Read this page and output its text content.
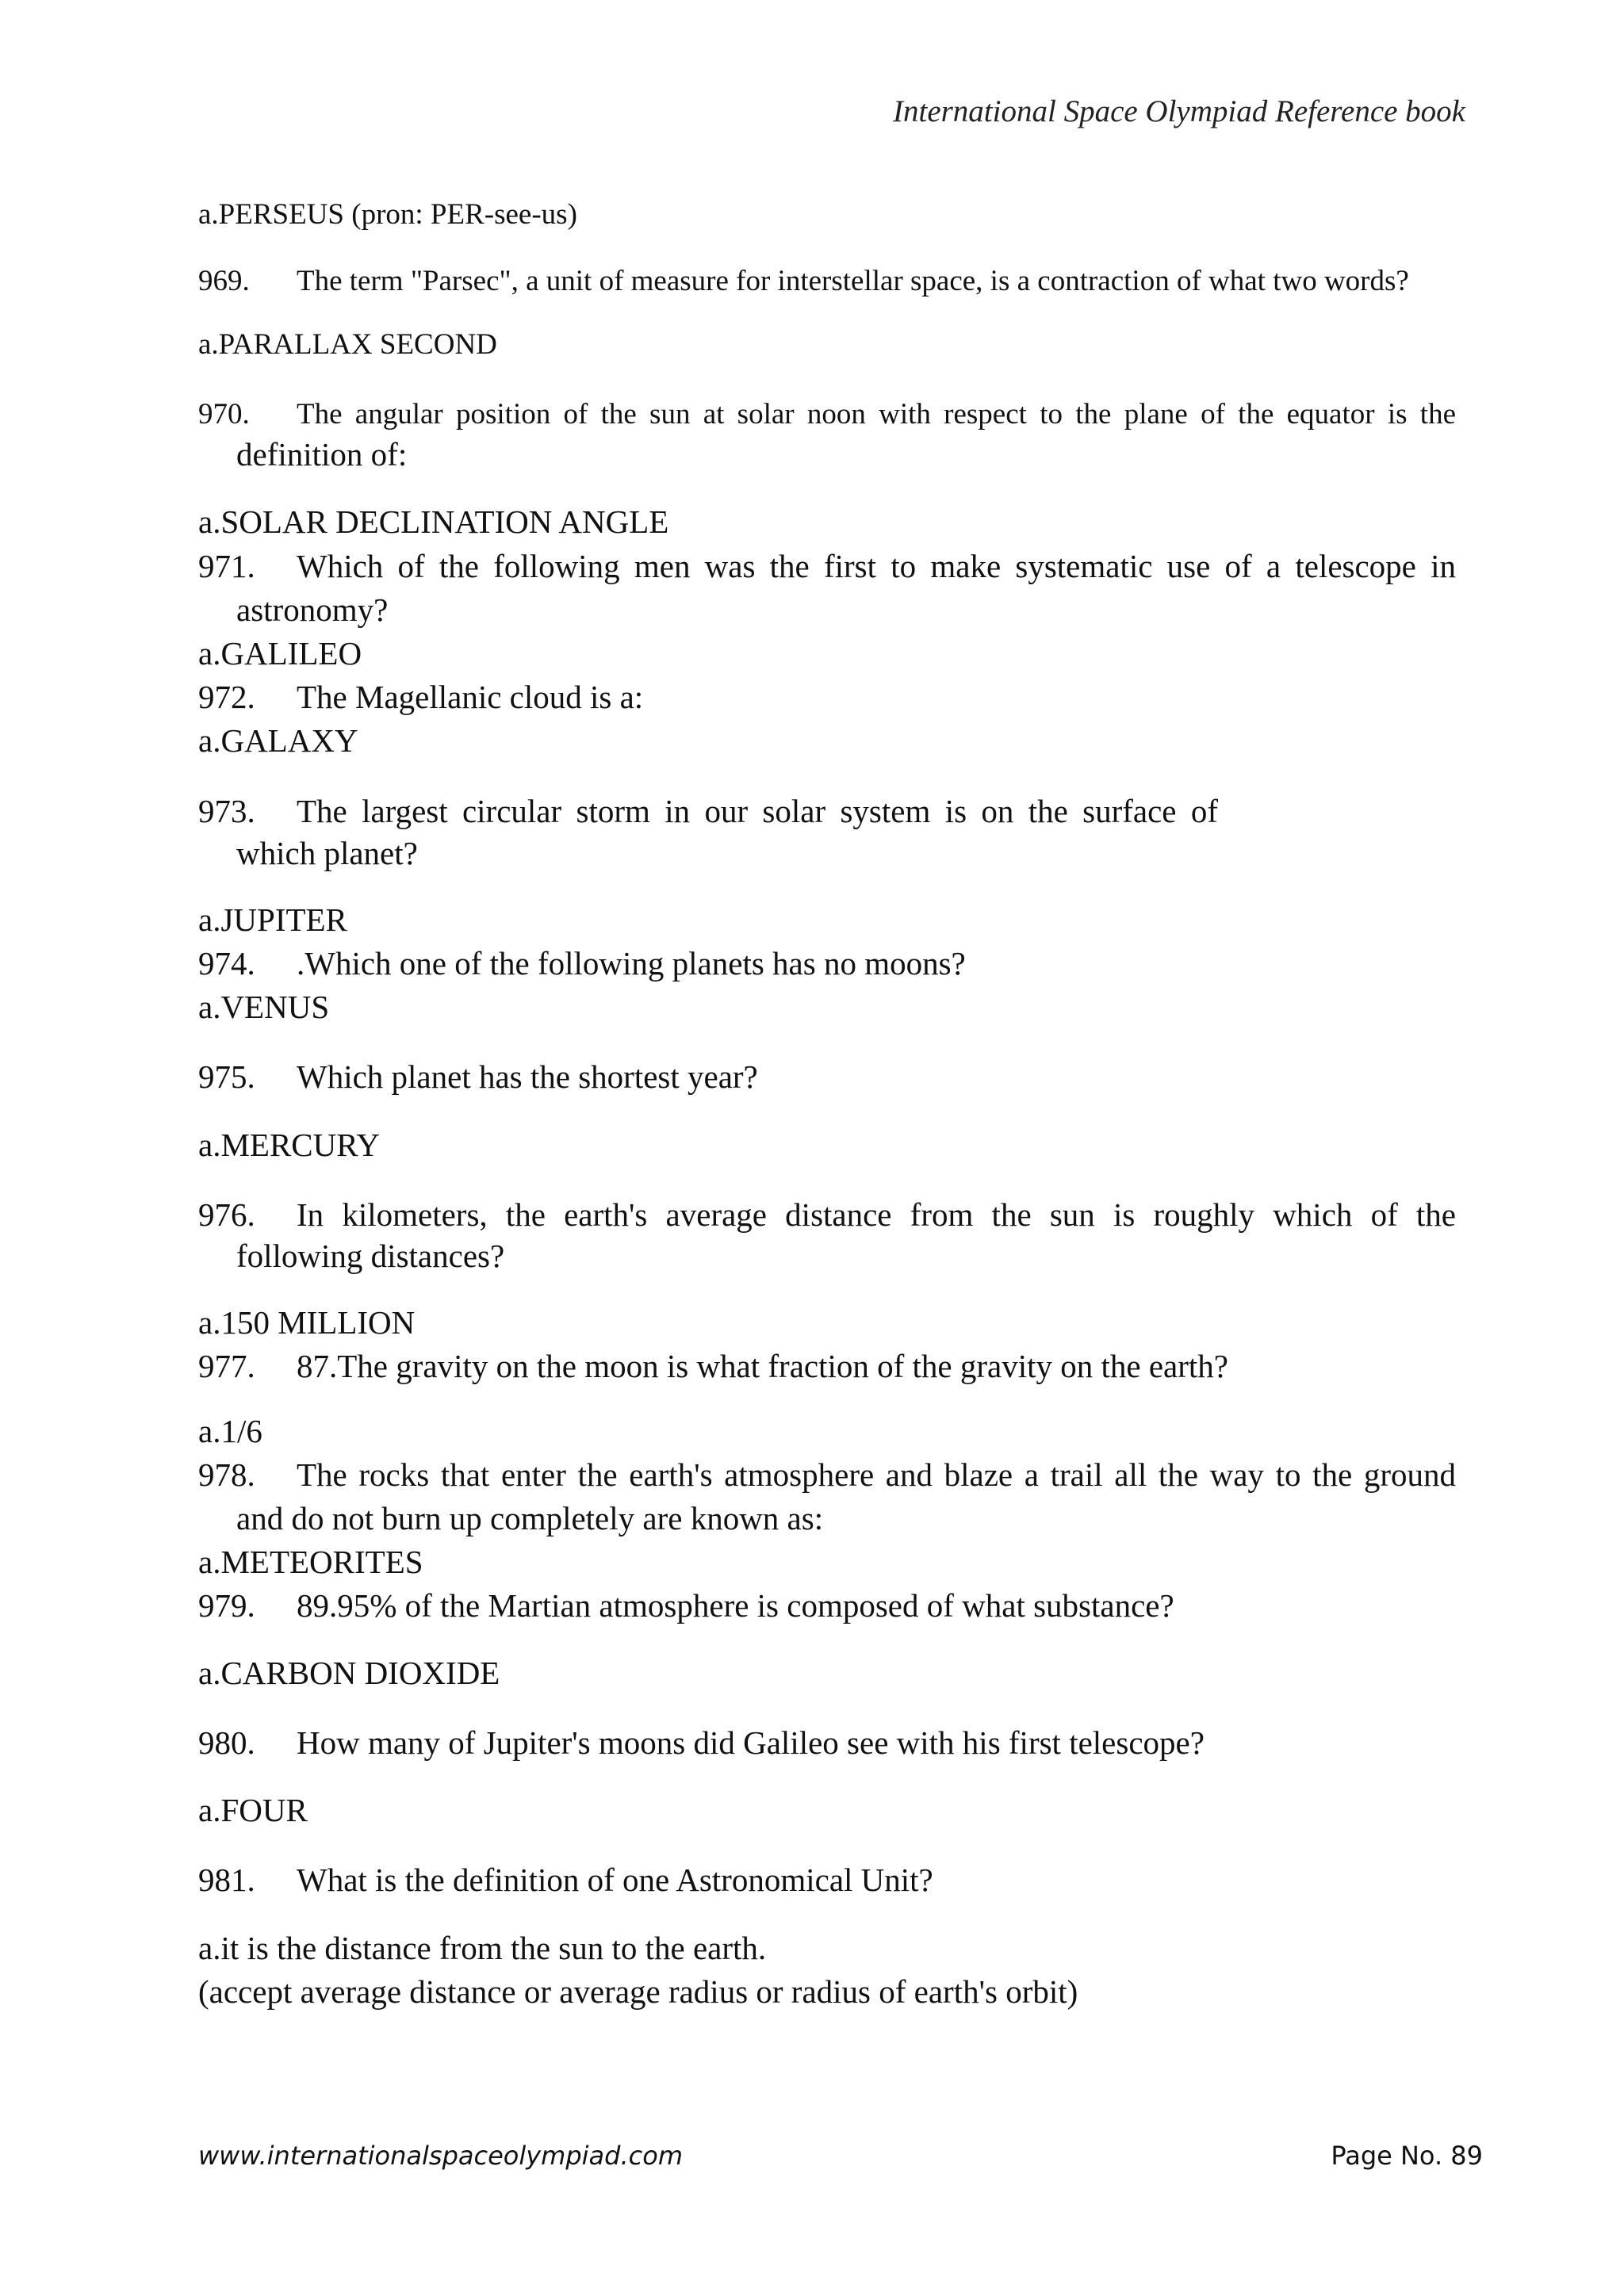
International Space Olympiad Reference book
a.PERSEUS (pron: PER-see-us)
969. The term "Parsec", a unit of measure for interstellar space, is a contraction of what two words?
a.PARALLAX SECOND
970. The angular position of the sun at solar noon with respect to the plane of the equator is the
definition of:
a.SOLAR DECLINATION ANGLE
971. Which of the following men was the first to make systematic use of a telescope in
astronomy?
a.GALILEO
972. The Magellanic cloud is a:
a.GALAXY
973. The largest circular storm in our solar system is on the surface of
which planet?
a.JUPITER
974. .Which one of the following planets has no moons?
a.VENUS
975. Which planet has the shortest year?
a.MERCURY
976. In kilometers, the earth's average distance from the sun is roughly which of the
following distances?
a.150 MILLION
977. 87.The gravity on the moon is what fraction of the gravity on the earth?
a.1/6
978. The rocks that enter the earth's atmosphere and blaze a trail all the way to the ground
and do not burn up completely are known as:
a.METEORITES
979. 89.95% of the Martian atmosphere is composed of what substance?
a.CARBON DIOXIDE
980. How many of Jupiter's moons did Galileo see with his first telescope?
a.FOUR
981. What is the definition of one Astronomical Unit?
a.it is the distance from the sun to the earth.
(accept average distance or average radius or radius of earth's orbit)
www.internationalspaceolympiad.com	Page No. 89
